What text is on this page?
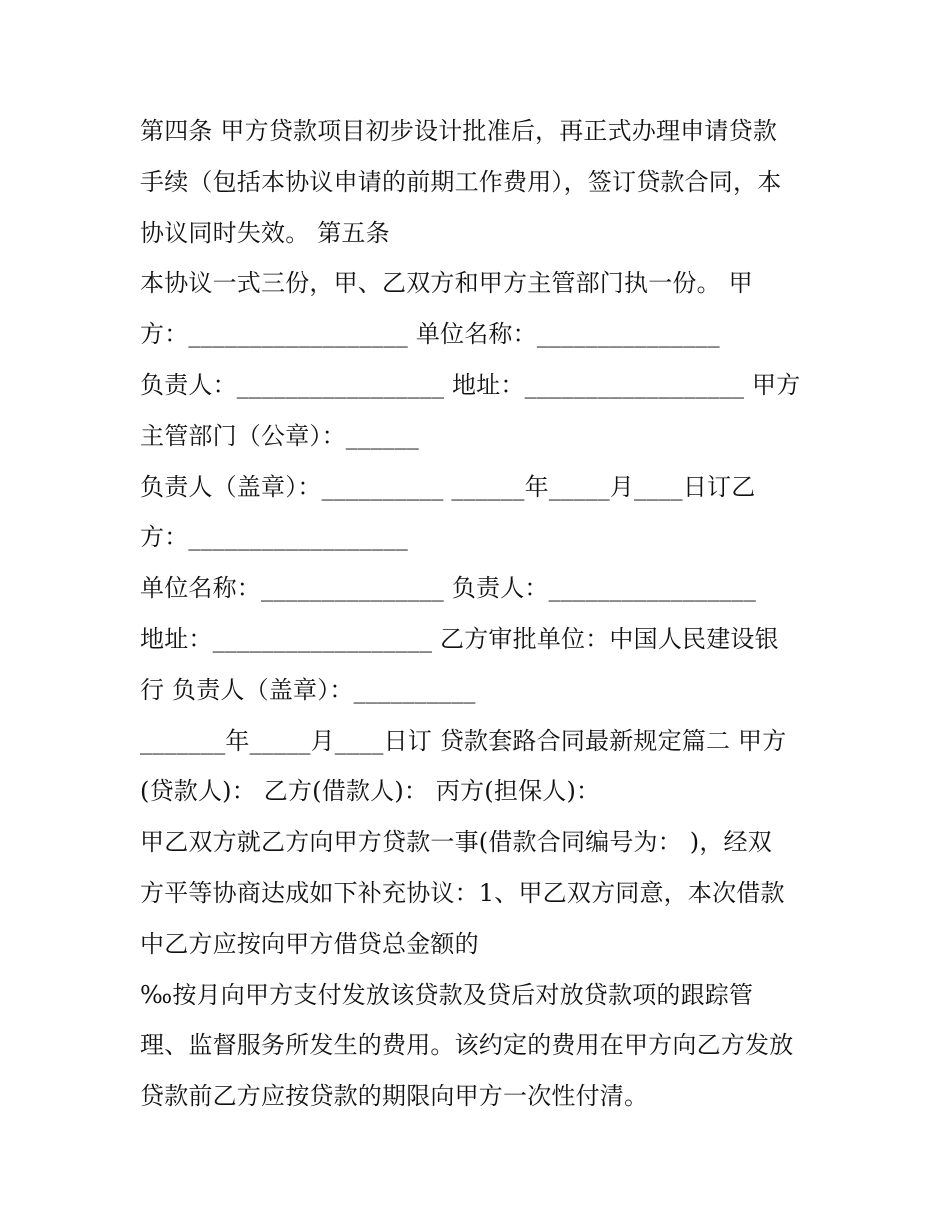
第四条 甲方贷款项目初步设计批准后，再正式办理申请贷款
手续（包括本协议申请的前期工作费用），签订贷款合同，本
协议同时失效。 第五条
本协议一式三份，甲、乙双方和甲方主管部门执一份。 甲
方：__________________ 单位名称：_______________
负责人：_________________ 地址：__________________ 甲方
主管部门（公章）：______
负责人（盖章）：__________ ______年_____月____日订乙
方：__________________
单位名称：_______________ 负责人：_________________
地址：__________________ 乙方审批单位：中国人民建设银
行 负责人（盖章）：__________
_______年_____月____日订 贷款套路合同最新规定篇二 甲方
(贷款人)： 乙方(借款人)： 丙方(担保人)：
甲乙双方就乙方向甲方贷款一事(借款合同编号为： )，经双
方平等协商达成如下补充协议：1、甲乙双方同意，本次借款
中乙方应按向甲方借贷总金额的
‰按月向甲方支付发放该贷款及贷后对放贷款项的跟踪管
理、监督服务所发生的费用。该约定的费用在甲方向乙方发放
贷款前乙方应按贷款的期限向甲方一次性付清。
